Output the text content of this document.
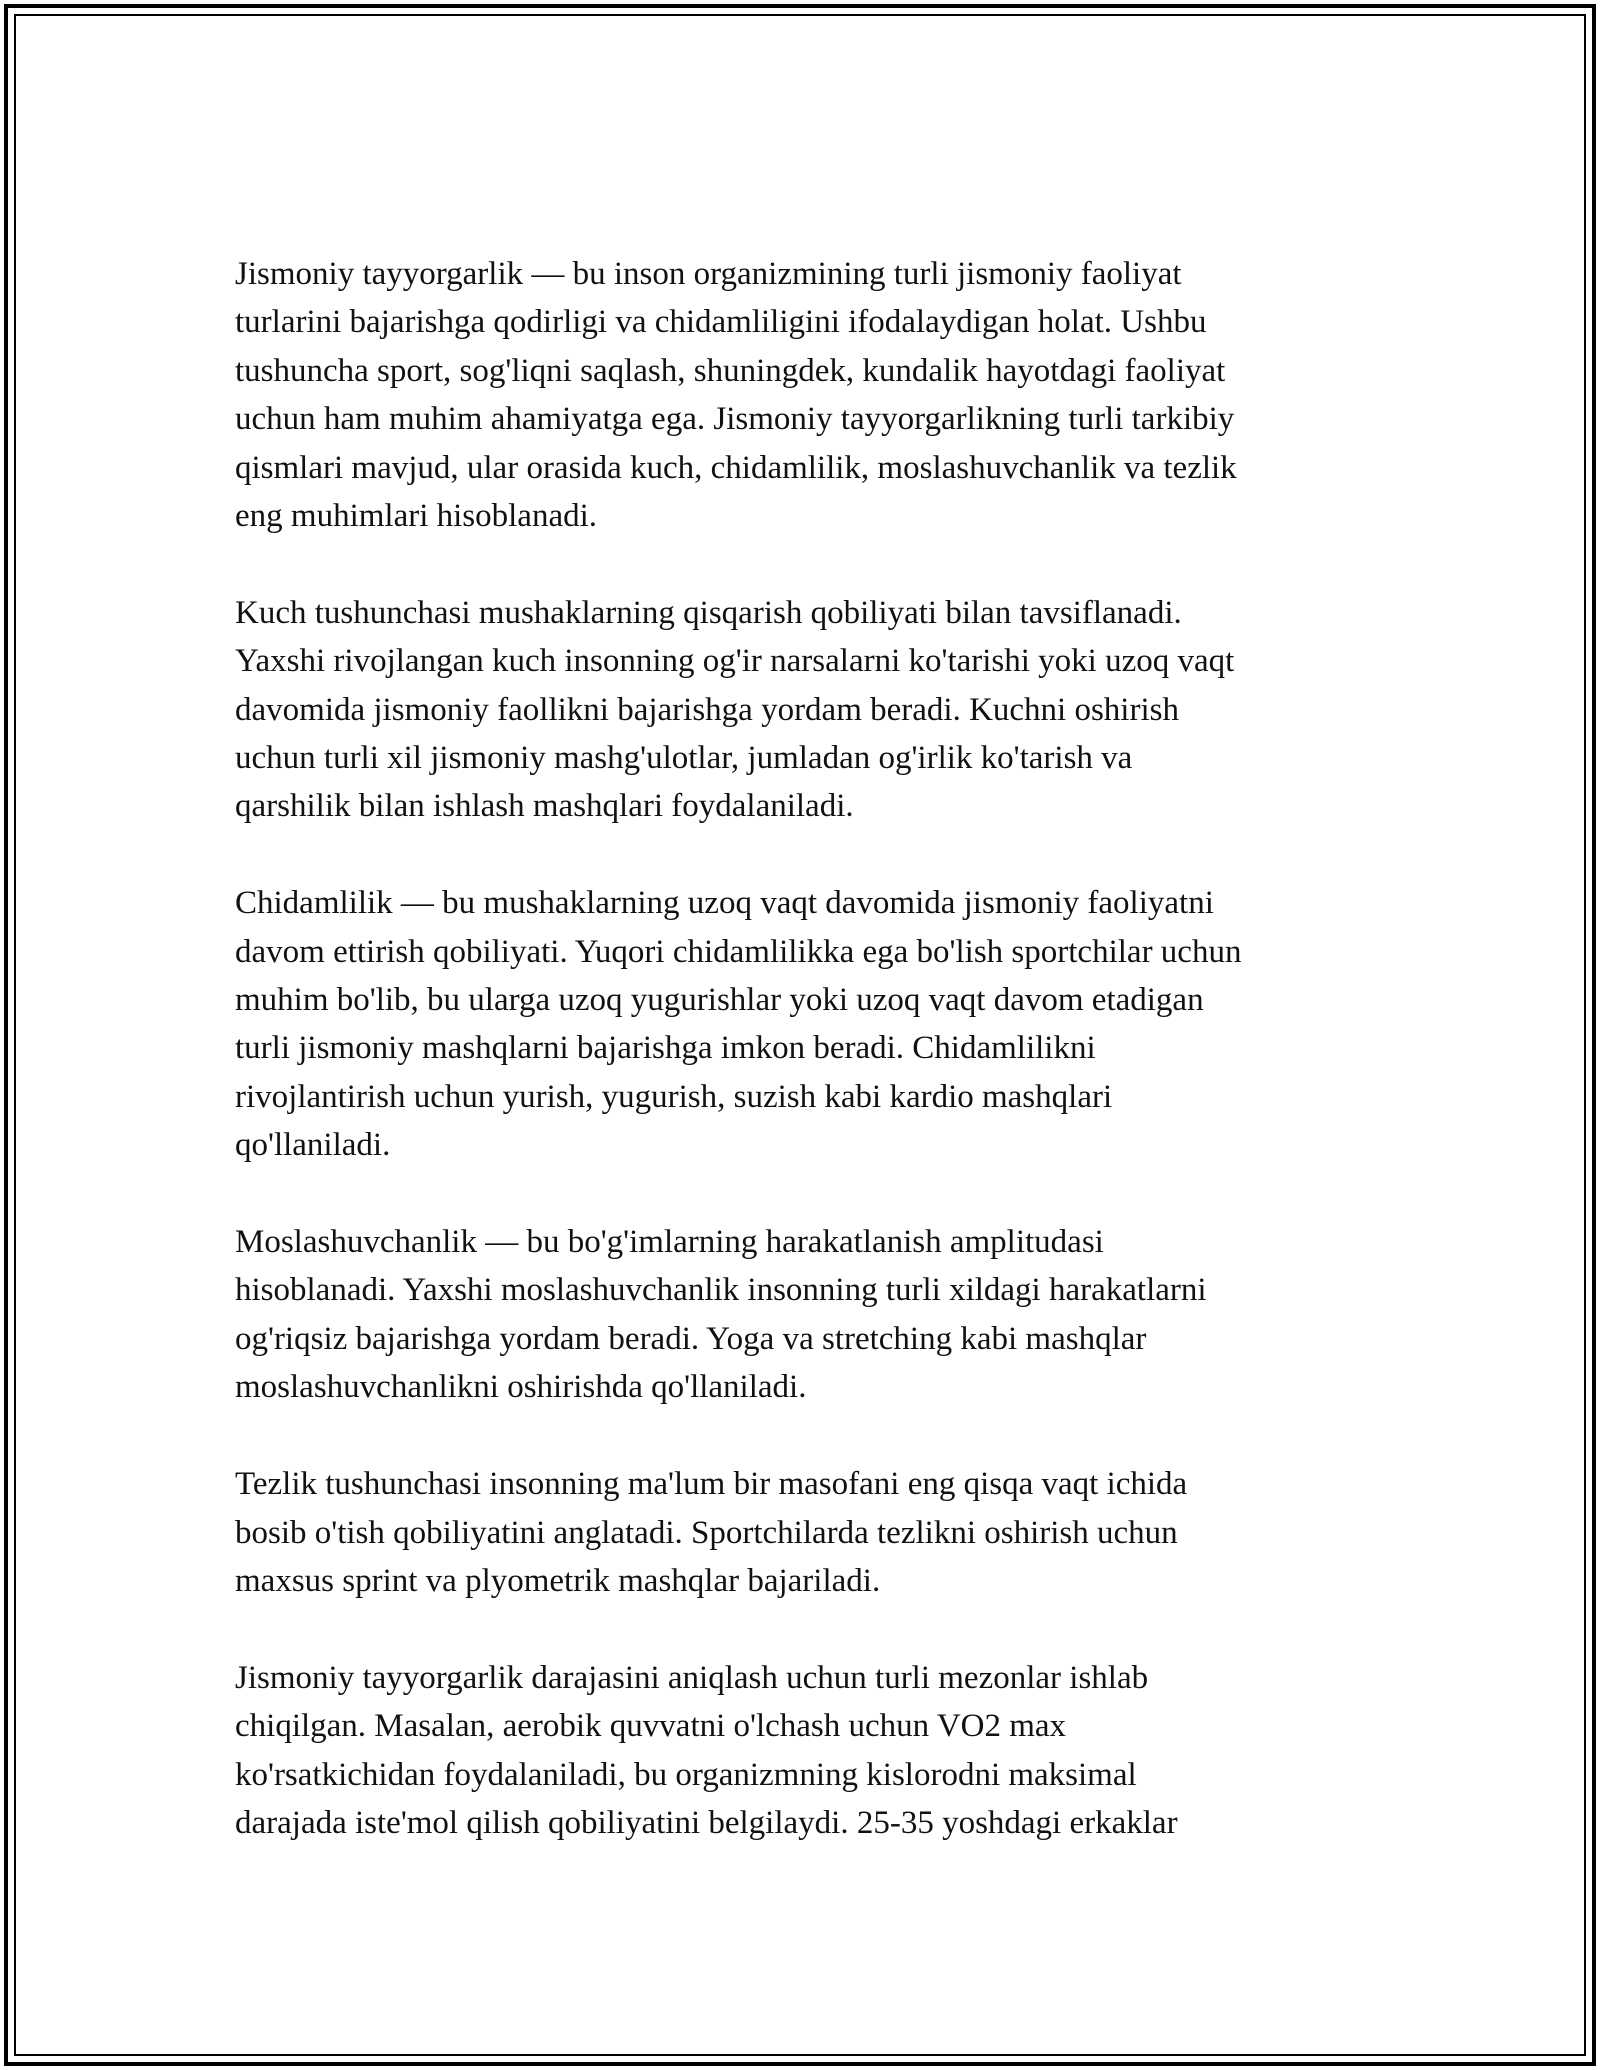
Jismoniy tayyorgarlik — bu inson organizmining turli jismoniy faoliyat
turlarini bajarishga qodirligi va chidamliligini ifodalaydigan holat. Ushbu
tushuncha sport, sog'liqni saqlash, shuningdek, kundalik hayotdagi faoliyat
uchun ham muhim ahamiyatga ega. Jismoniy tayyorgarlikning turli tarkibiy
qismlari mavjud, ular orasida kuch, chidamlilik, moslashuvchanlik va tezlik
eng muhimlari hisoblanadi.

Kuch tushunchasi mushaklarning qisqarish qobiliyati bilan tavsiflanadi.
Yaxshi rivojlangan kuch insonning og'ir narsalarni ko'tarishi yoki uzoq vaqt
davomida jismoniy faollikni bajarishga yordam beradi. Kuchni oshirish
uchun turli xil jismoniy mashg'ulotlar, jumladan og'irlik ko'tarish va
qarshilik bilan ishlash mashqlari foydalaniladi.

Chidamlilik — bu mushaklarning uzoq vaqt davomida jismoniy faoliyatni
davom ettirish qobiliyati. Yuqori chidamlilikka ega bo'lish sportchilar uchun
muhim bo'lib, bu ularga uzoq yugurishlar yoki uzoq vaqt davom etadigan
turli jismoniy mashqlarni bajarishga imkon beradi. Chidamlilikni
rivojlantirish uchun yurish, yugurish, suzish kabi kardio mashqlari
qo'llaniladi.

Moslashuvchanlik — bu bo'g'imlarning harakatlanish amplitudasi
hisoblanadi. Yaxshi moslashuvchanlik insonning turli xildagi harakatlarni
og'riqsiz bajarishga yordam beradi. Yoga va stretching kabi mashqlar
moslashuvchanlikni oshirishda qo'llaniladi.

Tezlik tushunchasi insonning ma'lum bir masofani eng qisqa vaqt ichida
bosib o'tish qobiliyatini anglatadi. Sportchilarda tezlikni oshirish uchun
maxsus sprint va plyometrik mashqlar bajariladi.

Jismoniy tayyorgarlik darajasini aniqlash uchun turli mezonlar ishlab
chiqilgan. Masalan, aerobik quvvatni o'lchash uchun VO2 max
ko'rsatkichidan foydalaniladi, bu organizmning kislorodni maksimal
darajada iste'mol qilish qobiliyatini belgilaydi. 25-35 yoshdagi erkaklar
